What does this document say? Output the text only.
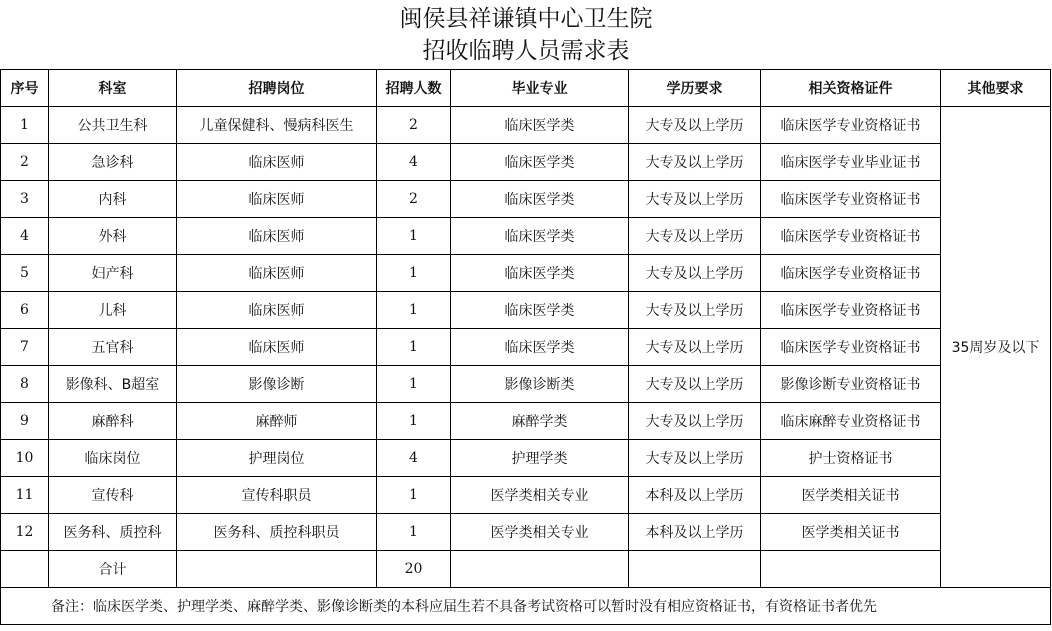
闽侯县祥谦镇中心卫生院
招收临聘人员需求表
序号	科室	招聘岗位	招聘人数	毕业专业	学历要求	相关资格证件	其他要求
1	公共卫生科	儿童保健科、慢病科医生	2	临床医学类	大专及以上学历	临床医学专业资格证书	35周岁及以下
2	急诊科	临床医师	4	临床医学类	大专及以上学历	临床医学专业毕业证书	
3	内科	临床医师	2	临床医学类	大专及以上学历	临床医学专业资格证书	
4	外科	临床医师	1	临床医学类	大专及以上学历	临床医学专业资格证书	
5	妇产科	临床医师	1	临床医学类	大专及以上学历	临床医学专业资格证书	
6	儿科	临床医师	1	临床医学类	大专及以上学历	临床医学专业资格证书	
7	五官科	临床医师	1	临床医学类	大专及以上学历	临床医学专业资格证书	
8	影像科、B超室	影像诊断	1	影像诊断类	大专及以上学历	影像诊断专业资格证书	
9	麻醉科	麻醉师	1	麻醉学类	大专及以上学历	临床麻醉专业资格证书	
10	临床岗位	护理岗位	4	护理学类	大专及以上学历	护士资格证书	
11	宣传科	宣传科职员	1	医学类相关专业	本科及以上学历	医学类相关证书	
12	医务科、质控科	医务科、质控科职员	1	医学类相关专业	本科及以上学历	医学类相关证书	
	合计		20				
备注：临床医学类、护理学类、麻醉学类、影像诊断类的本科应届生若不具备考试资格可以暂时没有相应资格证书，有资格证书者优先							
